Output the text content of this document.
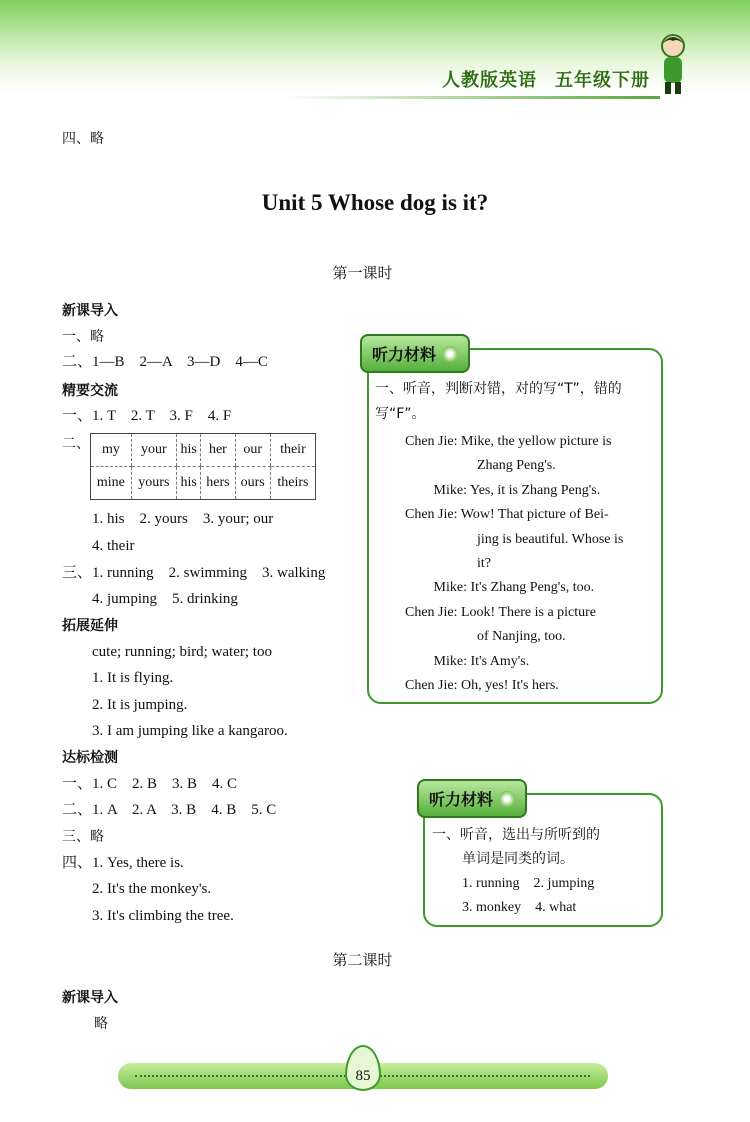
人教版英语 五年级下册
四、略
Unit 5 Whose dog is it?
第一课时
新课导入
一、略
二、1—B　2—A　3—D　4—C
精要交流
一、1. T　2. T　3. F　4. F
二、 my	your	his	her	our	their
mine	yours	his	hers	ours	theirs
1. his　2. yours　3. your; our
4. their
三、1. running　2. swimming　3. walking
4. jumping　5. drinking
拓展延伸
cute; running; bird; water; too
1. It is flying.
2. It is jumping.
3. I am jumping like a kangaroo.
达标检测
一、1. C　2. B　3. B　4. C
二、1. A　2. A　3. B　4. B　5. C
三、略
四、1. Yes, there is.
2. It's the monkey's.
3. It's climbing the tree.
听力材料
一、听音，判断对错，对的写“T”，错的
写“F”。
Chen Jie: Mike, the yellow picture is
Zhang Peng's.
Mike: Yes, it is Zhang Peng's.
Chen Jie: Wow! That picture of Bei-
jing is beautiful. Whose is
it?
Mike: It's Zhang Peng's, too.
Chen Jie: Look! There is a picture
of Nanjing, too.
Mike: It's Amy's.
Chen Jie: Oh, yes! It's hers.
听力材料
一、听音，选出与所听到的
单词是同类的词。
1. running　2. jumping
3. monkey　4. what
第二课时
新课导入
略
85
